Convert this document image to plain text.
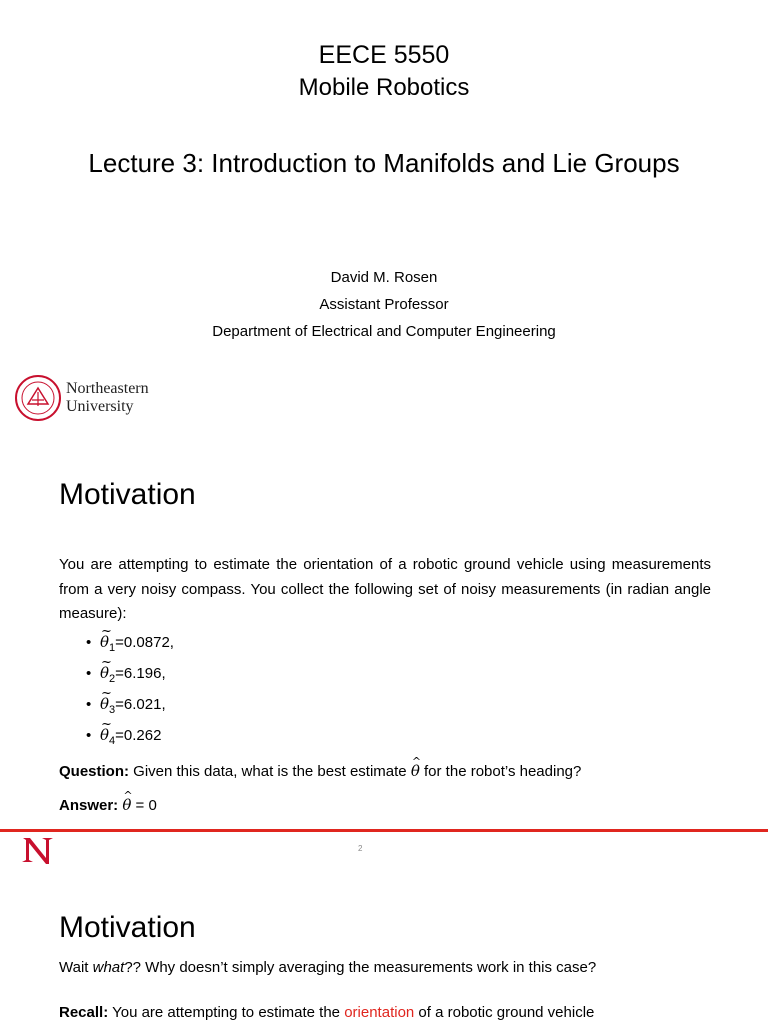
EECE 5550
Mobile Robotics
Lecture 3: Introduction to Manifolds and Lie Groups
David M. Rosen
Assistant Professor
Department of Electrical and Computer Engineering
Northeastern
University
Motivation
You are attempting to estimate the orientation of a robotic ground vehicle using measurements from a very noisy compass. You collect the following set of noisy measurements (in radian angle measure):
• ~ $\theta_1=0.0872$,
• ~ $\theta_2=6.196$,
• ~ $\theta_3=6.021$,
• ~ $\theta_4=0.262$
Question: Given this data, what is the best estimate ^ θ for the robot’s heading?
Answer: ^ θ = 0
2
Motivation
Wait what?? Why doesn’t simply averaging the measurements work in this case?
Recall: You are attempting to estimate the orientation of a robotic ground vehicle
